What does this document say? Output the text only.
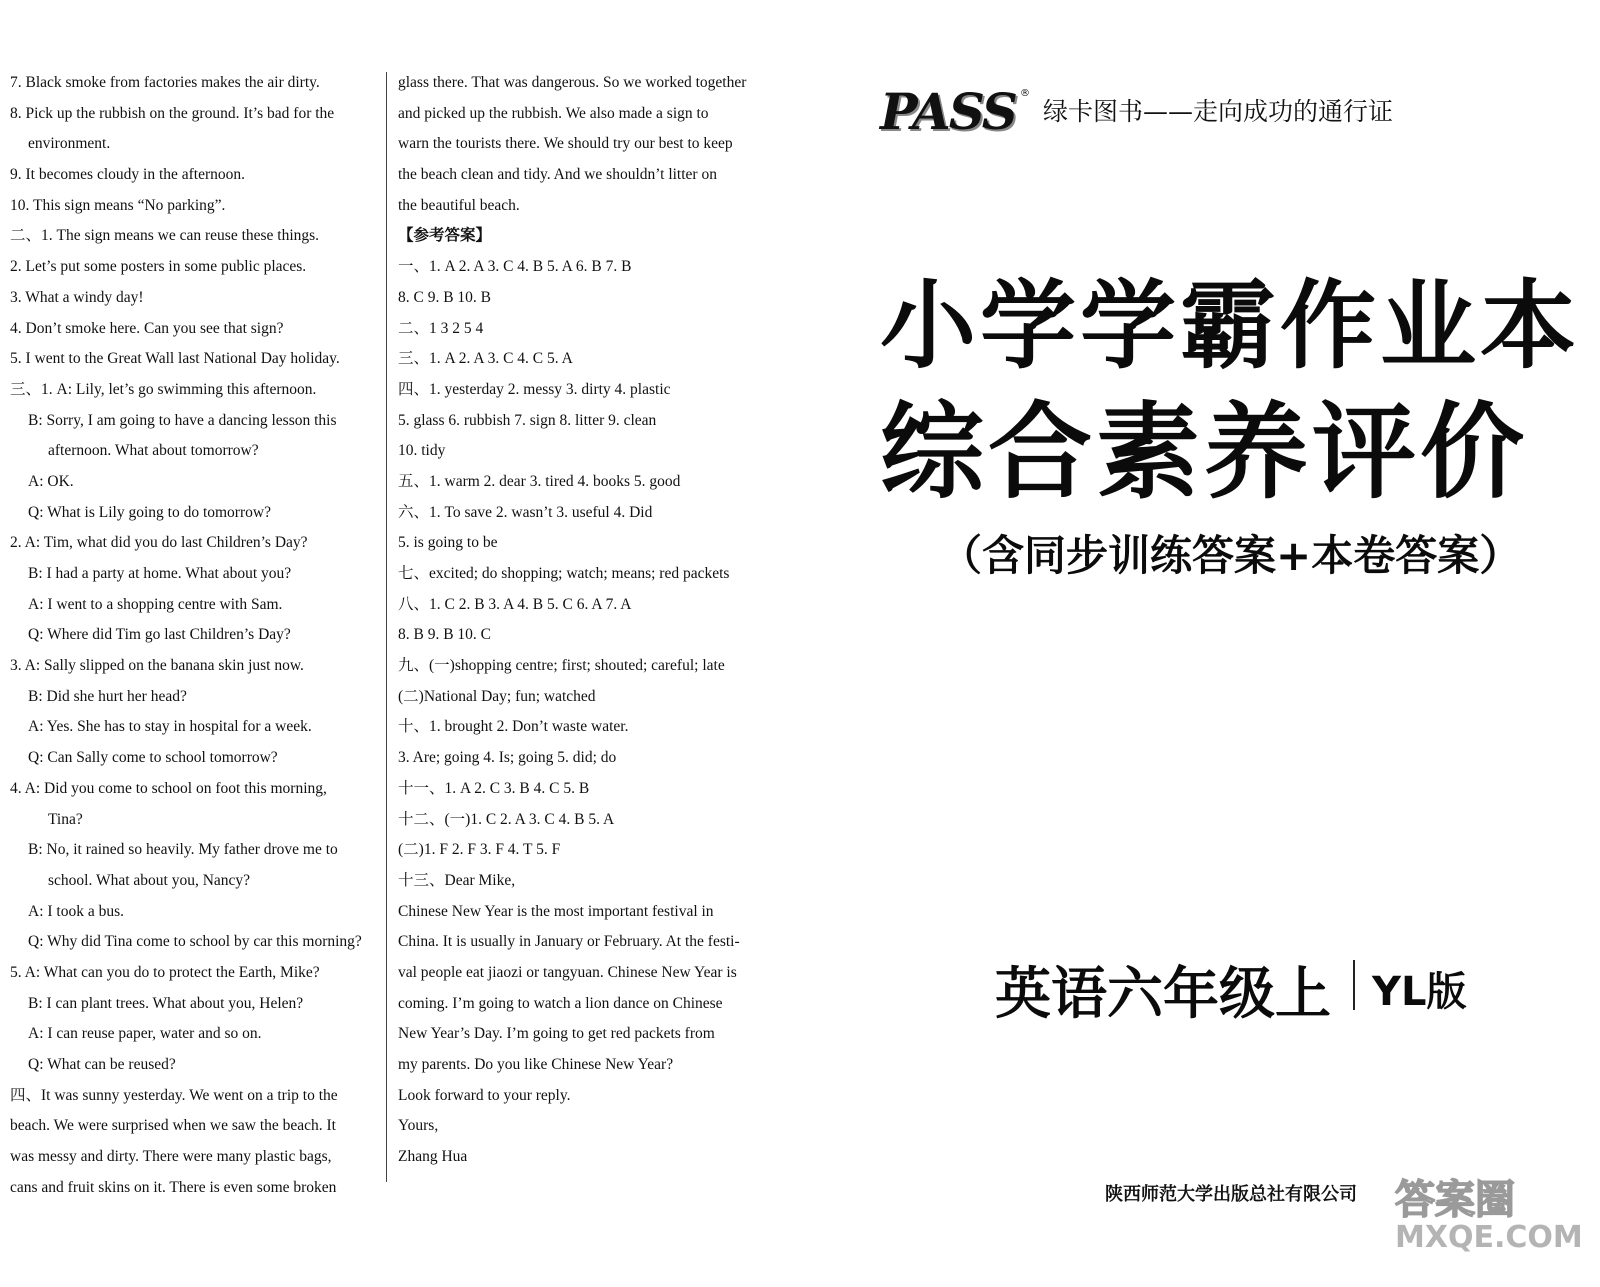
7. Black smoke from factories makes the air dirty.
8. Pick up the rubbish on the ground. It’s bad for the
environment.
9. It becomes cloudy in the afternoon.
10. This sign means “No parking”.
二、1. The sign means we can reuse these things.
2. Let’s put some posters in some public places.
3. What a windy day!
4. Don’t smoke here. Can you see that sign?
5. I went to the Great Wall last National Day holiday.
三、1. A: Lily, let’s go swimming this afternoon.
B: Sorry, I am going to have a dancing lesson this
afternoon. What about tomorrow?
A: OK.
Q: What is Lily going to do tomorrow?
2. A: Tim, what did you do last Children’s Day?
B: I had a party at home. What about you?
A: I went to a shopping centre with Sam.
Q: Where did Tim go last Children’s Day?
3. A: Sally slipped on the banana skin just now.
B: Did she hurt her head?
A: Yes. She has to stay in hospital for a week.
Q: Can Sally come to school tomorrow?
4. A: Did you come to school on foot this morning,
Tina?
B: No, it rained so heavily. My father drove me to
school. What about you, Nancy?
A: I took a bus.
Q: Why did Tina come to school by car this morning?
5. A: What can you do to protect the Earth, Mike?
B: I can plant trees. What about you, Helen?
A: I can reuse paper, water and so on.
Q: What can be reused?
四、It was sunny yesterday. We went on a trip to the
beach. We were surprised when we saw the beach. It
was messy and dirty. There were many plastic bags,
cans and fruit skins on it. There is even some broken
glass there. That was dangerous. So we worked together
and picked up the rubbish. We also made a sign to
warn the tourists there. We should try our best to keep
the beach clean and tidy. And we shouldn’t litter on
the beautiful beach.
【参考答案】
一、1. A 2. A 3. C 4. B 5. A 6. B 7. B
8. C 9. B 10. B
二、1 3 2 5 4
三、1. A 2. A 3. C 4. C 5. A
四、1. yesterday 2. messy 3. dirty 4. plastic
5. glass 6. rubbish 7. sign 8. litter 9. clean
10. tidy
五、1. warm 2. dear 3. tired 4. books 5. good
六、1. To save 2. wasn’t 3. useful 4. Did
5. is going to be
七、excited; do shopping; watch; means; red packets
八、1. C 2. B 3. A 4. B 5. C 6. A 7. A
8. B 9. B 10. C
九、(一)shopping centre; first; shouted; careful; late
(二)National Day; fun; watched
十、1. brought 2. Don’t waste water.
3. Are; going 4. Is; going 5. did; do
十一、1. A 2. C 3. B 4. C 5. B
十二、(一)1. C 2. A 3. C 4. B 5. A
(二)1. F 2. F 3. F 4. T 5. F
十三、Dear Mike,
Chinese New Year is the most important festival in
China. It is usually in January or February. At the festi-
val people eat jiaozi or tangyuan. Chinese New Year is
coming. I’m going to watch a lion dance on Chinese
New Year’s Day. I’m going to get red packets from
my parents. Do you like Chinese New Year?
Look forward to your reply.
Yours,
Zhang Hua
PASS ®
绿卡图书——走向成功的通行证
小学学霸作业本
综合素养评价
（含同步训练答案+本卷答案）
英语六年级上	YL版
陕西师范大学出版总社有限公司 答案圈
MXQE.COM
